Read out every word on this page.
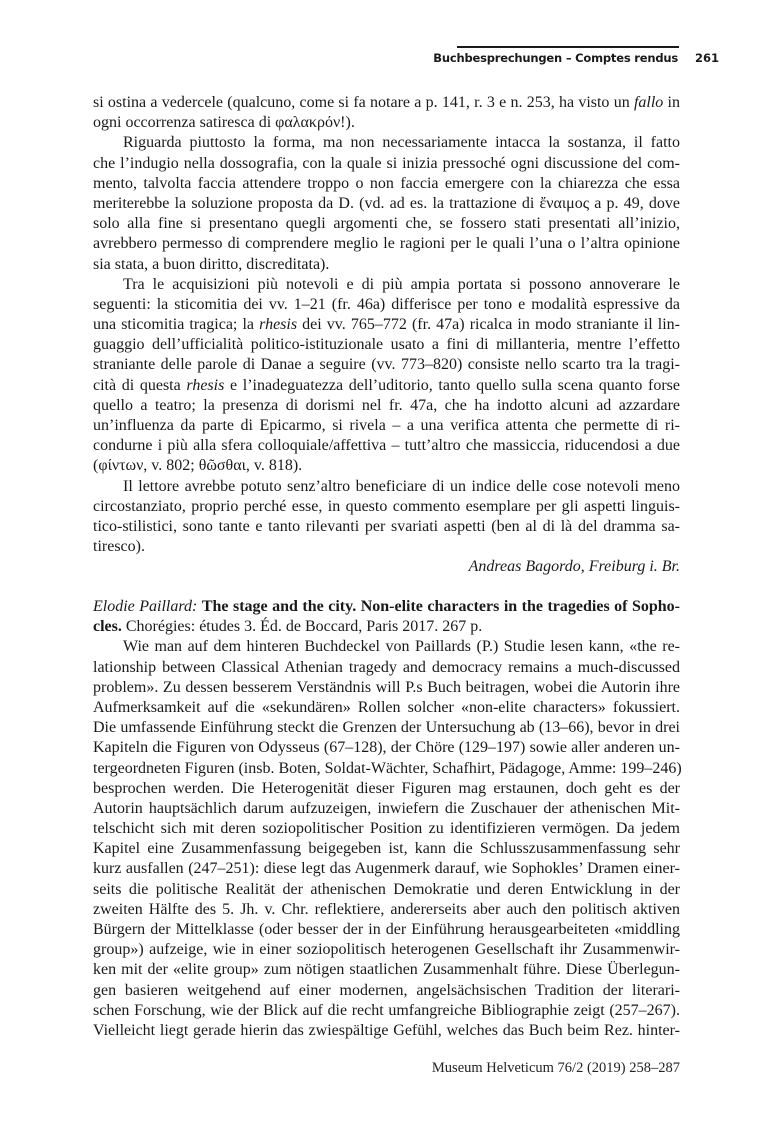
Buchbesprechungen – Comptes rendus 261
si ostina a vedercele (qualcuno, come si fa notare a p. 141, r. 3 e n. 253, ha visto un fallo in
ogni occorrenza satiresca di φαλακρόν!).
Riguarda piuttosto la forma, ma non necessariamente intacca la sostanza, il fatto
che l’indugio nella dossografia, con la quale si inizia pressoché ogni discussione del com-
mento, talvolta faccia attendere troppo o non faccia emergere con la chiarezza che essa
meriterebbe la soluzione proposta da D. (vd. ad es. la trattazione di ἔναιμος a p. 49, dove
solo alla fine si presentano quegli argomenti che, se fossero stati presentati all’inizio,
avrebbero permesso di comprendere meglio le ragioni per le quali l’una o l’altra opinione
sia stata, a buon diritto, discreditata).
Tra le acquisizioni più notevoli e di più ampia portata si possono annoverare le
seguenti: la sticomitia dei vv. 1–21 (fr. 46a) differisce per tono e modalità espressive da
una sticomitia tragica; la rhesis dei vv. 765–772 (fr. 47a) ricalca in modo straniante il lin-
guaggio dell’ufficialità politico-istituzionale usato a fini di millanteria, mentre l’effetto
straniante delle parole di Danae a seguire (vv. 773–820) consiste nello scarto tra la tragi-
cità di questa rhesis e l’inadeguatezza dell’uditorio, tanto quello sulla scena quanto forse
quello a teatro; la presenza di dorismi nel fr. 47a, che ha indotto alcuni ad azzardare
un’influenza da parte di Epicarmo, si rivela – a una verifica attenta che permette di ri-
condurne i più alla sfera colloquiale/affettiva – tutt’altro che massiccia, riducendosi a due
(φίντων, v. 802; θῶσθαι, v. 818).
Il lettore avrebbe potuto senz’altro beneficiare di un indice delle cose notevoli meno
circostanziato, proprio perché esse, in questo commento esemplare per gli aspetti linguis-
tico-stilistici, sono tante e tanto rilevanti per svariati aspetti (ben al di là del dramma sa-
tiresco).
Andreas Bagordo, Freiburg i. Br.
Elodie Paillard: The stage and the city. Non-elite characters in the tragedies of Sopho-
cles. Chorégies: études 3. Éd. de Boccard, Paris 2017. 267 p.
Wie man auf dem hinteren Buchdeckel von Paillards (P.) Studie lesen kann, «the re-
lationship between Classical Athenian tragedy and democracy remains a much-discussed
problem». Zu dessen besserem Verständnis will P.s Buch beitragen, wobei die Autorin ihre
Aufmerksamkeit auf die «sekundären» Rollen solcher «non-elite characters» fokussiert.
Die umfassende Einführung steckt die Grenzen der Untersuchung ab (13–66), bevor in drei
Kapiteln die Figuren von Odysseus (67–128), der Chöre (129–197) sowie aller anderen un-
tergeordneten Figuren (insb. Boten, Soldat-Wächter, Schafhirt, Pädagoge, Amme: 199–246)
besprochen werden. Die Heterogenität dieser Figuren mag erstaunen, doch geht es der
Autorin hauptsächlich darum aufzuzeigen, inwiefern die Zuschauer der athenischen Mit-
telschicht sich mit deren soziopolitischer Position zu identifizieren vermögen. Da jedem
Kapitel eine Zusammenfassung beigegeben ist, kann die Schlusszusammenfassung sehr
kurz ausfallen (247–251): diese legt das Augenmerk darauf, wie Sophokles’ Dramen einer-
seits die politische Realität der athenischen Demokratie und deren Entwicklung in der
zweiten Hälfte des 5. Jh. v. Chr. reflektiere, andererseits aber auch den politisch aktiven
Bürgern der Mittelklasse (oder besser der in der Einführung herausgearbeiteten «middling
group») aufzeige, wie in einer soziopolitisch heterogenen Gesellschaft ihr Zusammenwir-
ken mit der «elite group» zum nötigen staatlichen Zusammenhalt führe. Diese Überlegun-
gen basieren weitgehend auf einer modernen, angelsächsischen Tradition der literari-
schen Forschung, wie der Blick auf die recht umfangreiche Bibliographie zeigt (257–267).
Vielleicht liegt gerade hierin das zwiespältige Gefühl, welches das Buch beim Rez. hinter-
Museum Helveticum 76/2 (2019) 258–287
